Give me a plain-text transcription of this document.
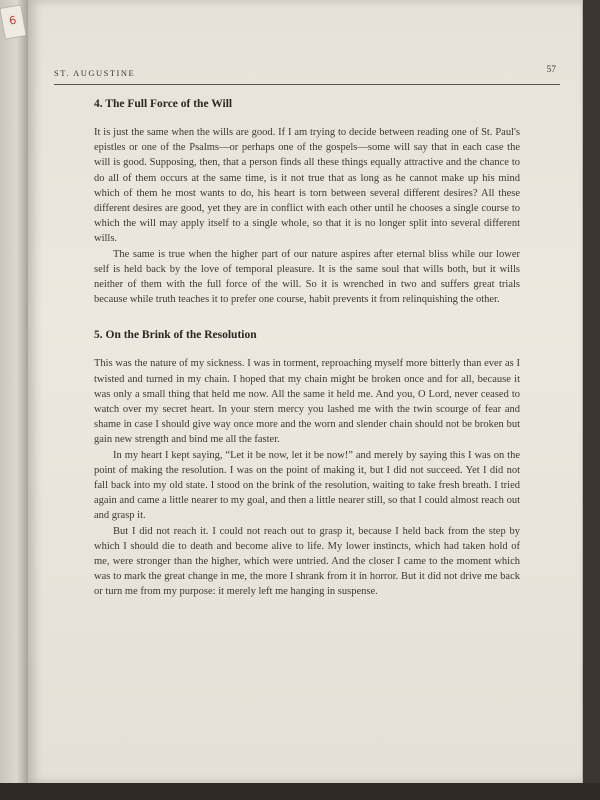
6
ST. AUGUSTINE	57
4. The Full Force of the Will

It is just the same when the wills are good. If I am trying to decide between reading one of St. Paul's epistles or one of the Psalms—or perhaps one of the gospels—some will say that in each case the will is good. Supposing, then, that a person finds all these things equally attractive and the chance to do all of them occurs at the same time, is it not true that as long as he cannot make up his mind which of them he most wants to do, his heart is torn between several different desires? All these different desires are good, yet they are in conflict with each other until he chooses a single course to which the will may apply itself to a single whole, so that it is no longer split into several different wills.

The same is true when the higher part of our nature aspires after eternal bliss while our lower self is held back by the love of temporal pleasure. It is the same soul that wills both, but it wills neither of them with the full force of the will. So it is wrenched in two and suffers great trials because while truth teaches it to prefer one course, habit prevents it from relinquishing the other.

5. On the Brink of the Resolution

This was the nature of my sickness. I was in torment, reproaching myself more bitterly than ever as I twisted and turned in my chain. I hoped that my chain might be broken once and for all, because it was only a small thing that held me now. All the same it held me. And you, O Lord, never ceased to watch over my secret heart. In your stern mercy you lashed me with the twin scourge of fear and shame in case I should give way once more and the worn and slender chain should not be broken but gain new strength and bind me all the faster.

In my heart I kept saying, “Let it be now, let it be now!” and merely by saying this I was on the point of making the resolution. I was on the point of making it, but I did not succeed. Yet I did not fall back into my old state. I stood on the brink of the resolution, waiting to take fresh breath. I tried again and came a little nearer to my goal, and then a little nearer still, so that I could almost reach out and grasp it.

But I did not reach it. I could not reach out to grasp it, because I held back from the step by which I should die to death and become alive to life. My lower instincts, which had taken hold of me, were stronger than the higher, which were untried. And the closer I came to the moment which was to mark the great change in me, the more I shrank from it in horror. But it did not drive me back or turn me from my purpose: it merely left me hanging in suspense.
